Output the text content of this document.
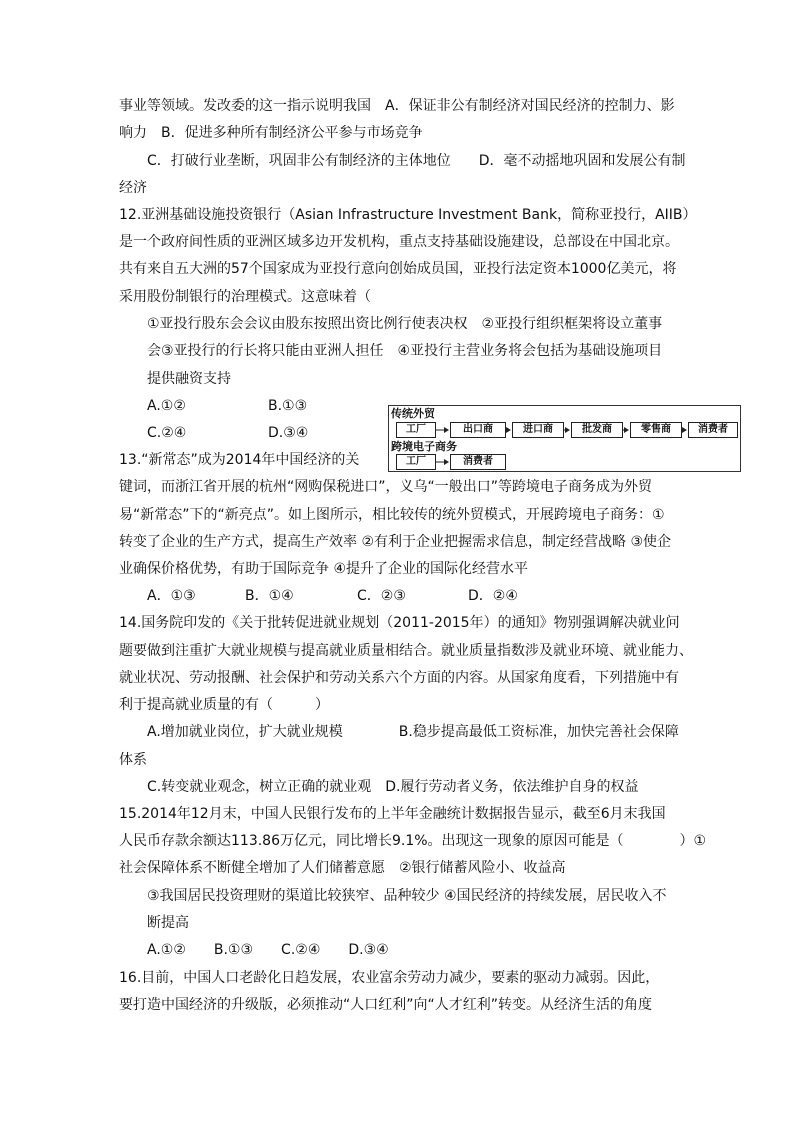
事业等领域。发改委的这一指示说明我国　A．保证非公有制经济对国民经济的控制力、影
响力　B．促进多种所有制经济公平参与市场竞争
C．打破行业垄断，巩固非公有制经济的主体地位　　D．毫不动摇地巩固和发展公有制
经济
12.亚洲基础设施投资银行（Asian Infrastructure Investment Bank，简称亚投行，AIIB）
是一个政府间性质的亚洲区域多边开发机构，重点支持基础设施建设，总部设在中国北京。
共有来自五大洲的57个国家成为亚投行意向创始成员国，亚投行法定资本1000亿美元，将
采用股份制银行的治理模式。这意味着（
①亚投行股东会会议由股东按照出资比例行使表决权　②亚投行组织框架将设立董事
会③亚投行的行长将只能由亚洲人担任　④亚投行主营业务将会包括为基础设施项目
提供融资支持
A.①②	B.①③
C.②④	D.③④
传统外贸
工厂	出口商	进口商	批发商	零售商	消费者
跨境电子商务
工厂	消费者
13.“新常态”成为2014年中国经济的关
键词，而浙江省开展的杭州“网购保税进口”，义乌“一般出口”等跨境电子商务成为外贸
易“新常态”下的“新亮点”。如上图所示，相比较传的统外贸模式，开展跨境电子商务：①
转变了企业的生产方式，提高生产效率 ②有利于企业把握需求信息，制定经营战略 ③使企
业确保价格优势，有助于国际竞争 ④提升了企业的国际化经营水平
A．①③	B．①④	C．②③	D．②④
14.国务院印发的《关于批转促进就业规划（2011-2015年）的通知》物别强调解决就业问
题要做到注重扩大就业规模与提高就业质量相结合。就业质量指数涉及就业环境、就业能力、
就业状况、劳动报酬、社会保护和劳动关系六个方面的内容。从国家角度看，下列措施中有
利于提高就业质量的有（　　　）
A.增加就业岗位，扩大就业规模　　　　B.稳步提高最低工资标准，加快完善社会保障
体系
C.转变就业观念，树立正确的就业观　D.履行劳动者义务，依法维护自身的权益
15.2014年12月末，中国人民银行发布的上半年金融统计数据报告显示，截至6月末我国
人民币存款余额达113.86万亿元，同比增长9.1%。出现这一现象的原因可能是（　　　　）①
社会保障体系不断健全增加了人们储蓄意愿　②银行储蓄风险小、收益高
③我国居民投资理财的渠道比较狭窄、品种较少 ④国民经济的持续发展，居民收入不
断提高
A.①②　　B.①③　　C.②④　　D.③④
16.目前，中国人口老龄化日趋发展，农业富余劳动力减少，要素的驱动力减弱。因此，
要打造中国经济的升级版，必须推动“人口红利”向“人才红利”转变。从经济生活的角度
